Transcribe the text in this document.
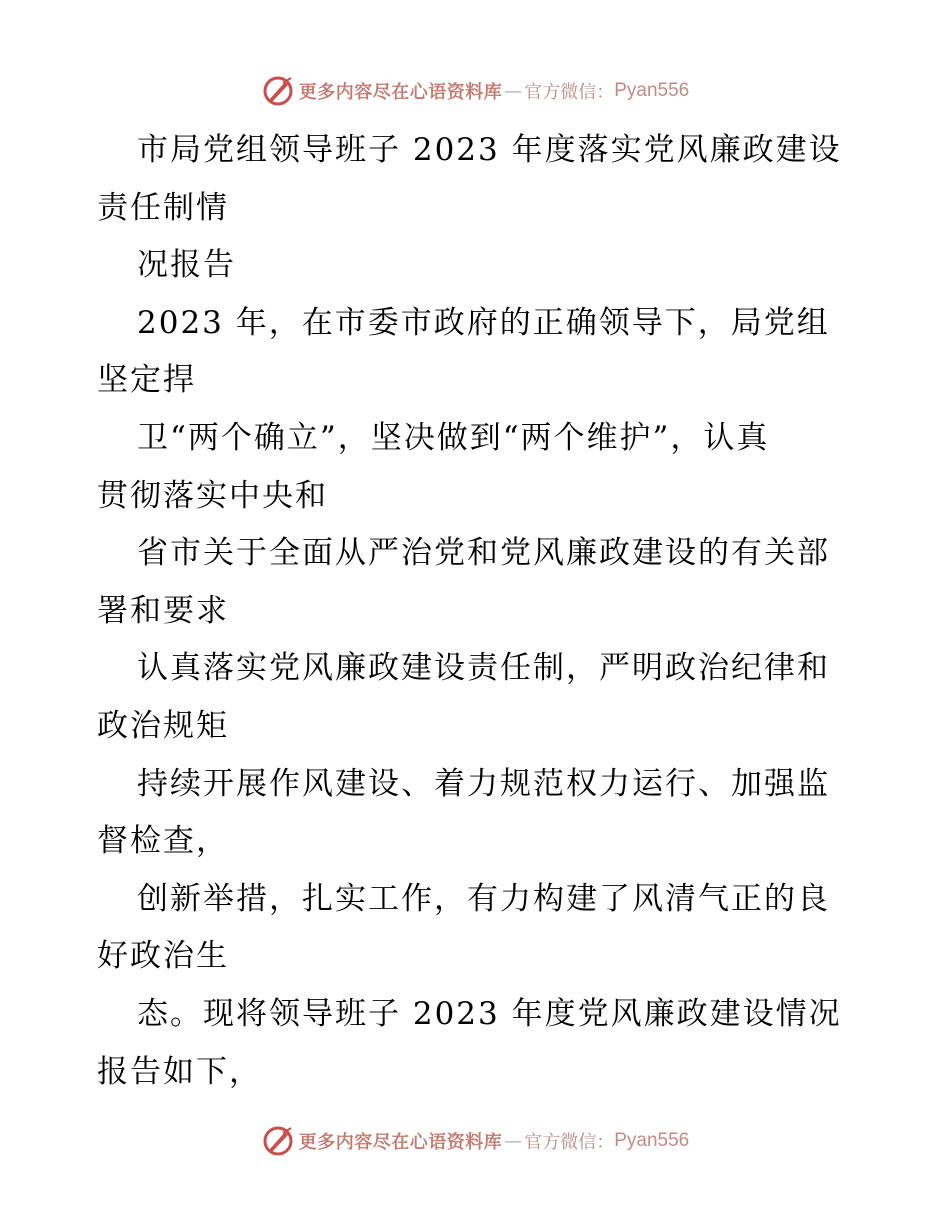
更多内容尽在心语资料库 — 官方微信： Pyan556
市局党组领导班子 2023 年度落实党风廉政建设
责任制情
况报告
2023 年，在市委市政府的正确领导下，局党组
坚定捍
卫“两个确立”，坚决做到“两个维护”，认真
贯彻落实中央和
省市关于全面从严治党和党风廉政建设的有关部
署和要求
认真落实党风廉政建设责任制，严明政治纪律和
政治规矩
持续开展作风建设、着力规范权力运行、加强监
督检查，
创新举措，扎实工作，有力构建了风清气正的良
好政治生
态。现将领导班子 2023 年度党风廉政建设情况
报告如下，
更多内容尽在心语资料库 — 官方微信： Pyan556
